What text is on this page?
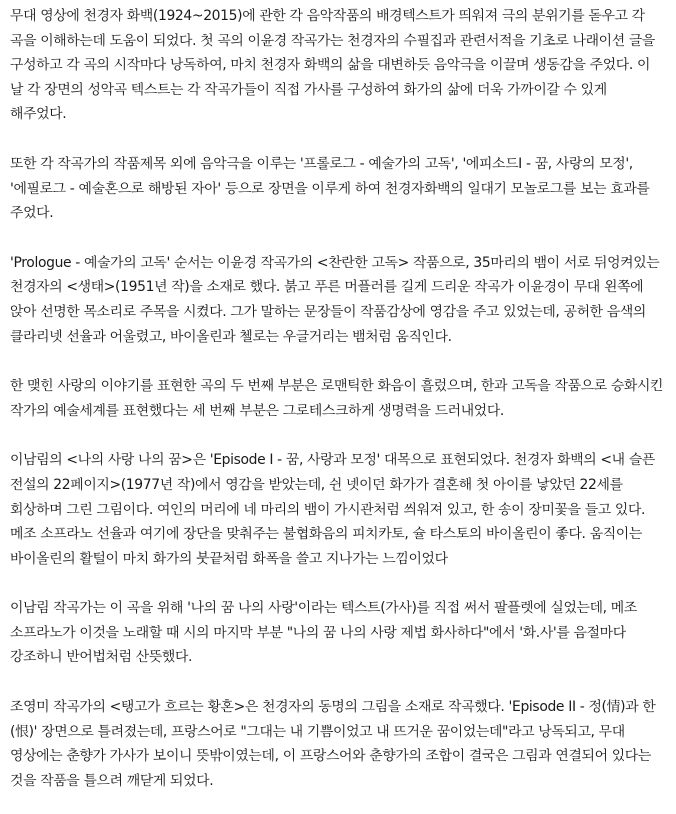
무대 영상에 천경자 화백(1924~2015)에 관한 각 음악작품의 배경텍스트가 띄워져 극의 분위기를 돋우고 각 곡을 이해하는데 도움이 되었다. 첫 곡의 이윤경 작곡가는 천경자의 수필집과 관련서적을 기초로 나래이션 글을 구성하고 각 곡의 시작마다 낭독하여, 마치 천경자 화백의 삶을 대변하듯 음악극을 이끌며 생동감을 주었다. 이 날 각 장면의 성악곡 텍스트는 각 작곡가들이 직접 가사를 구성하여 화가의 삶에 더욱 가까이갈 수 있게 해주었다.

또한 각 작곡가의 작품제목 외에 음악극을 이루는 '프롤로그 - 예술가의 고독', '에피소드I - 꿈, 사랑의 모정', '에필로그 - 예술혼으로 해방된 자아' 등으로 장면을 이루게 하여 천경자화백의 일대기 모놀로그를 보는 효과를 주었다.

'Prologue - 예술가의 고독' 순서는 이윤경 작곡가의 <찬란한 고독> 작품으로, 35마리의 뱀이 서로 뒤엉켜있는 천경자의 <생태>(1951년 작)을 소재로 했다. 붉고 푸른 머플러를 길게 드리운 작곡가 이윤경이 무대 왼쪽에 앉아 선명한 목소리로 주목을 시켰다. 그가 말하는 문장들이 작품감상에 영감을 주고 있었는데, 공허한 음색의 클라리넷 선율과 어울렸고, 바이올린과 첼로는 우글거리는 뱀처럼 움직인다.

한 맺힌 사랑의 이야기를 표현한 곡의 두 번째 부분은 로맨틱한 화음이 흘렀으며, 한과 고독을 작품으로 승화시킨 작가의 예술세계를 표현했다는 세 번째 부분은 그로테스크하게 생명력을 드러내었다.

이남림의 <나의 사랑 나의 꿈>은 'Episode I - 꿈, 사랑과 모정' 대목으로 표현되었다. 천경자 화백의 <내 슬픈 전설의 22페이지>(1977년 작)에서 영감을 받았는데, 쉰 넷이던 화가가 결혼해 첫 아이를 낳았던 22세를 회상하며 그린 그림이다. 여인의 머리에 네 마리의 뱀이 가시관처럼 씌워져 있고, 한 송이 장미꽃을 들고 있다. 메조 소프라노 선율과 여기에 장단을 맞춰주는 불협화음의 피치카토, 슐 타스토의 바이올린이 좋다. 움직이는 바이올린의 활털이 마치 화가의 붓끝처럼 화폭을 쓸고 지나가는 느낌이었다

이남림 작곡가는 이 곡을 위해 '나의 꿈 나의 사랑'이라는 텍스트(가사)를 직접 써서 팔플렛에 실었는데, 메조 소프라노가 이것을 노래할 때 시의 마지막 부분 "나의 꿈 나의 사랑 제법 화사하다"에서 '화.사'를 음절마다 강조하니 반어법처럼 산뜻했다.

조영미 작곡가의 <탱고가 흐르는 황혼>은 천경자의 동명의 그림을 소재로 작곡했다. 'Episode II - 정(情)과 한(恨)' 장면으로 틀려졌는데, 프랑스어로 "그대는 내 기쁨이었고 내 뜨거운 꿈이었는데"라고 낭독되고, 무대 영상에는 춘향가 가사가 보이니 뜻밖이였는데, 이 프랑스어와 춘향가의 조합이 결국은 그림과 연결되어 있다는 것을 작품을 틀으려 깨닫게 되었다.
